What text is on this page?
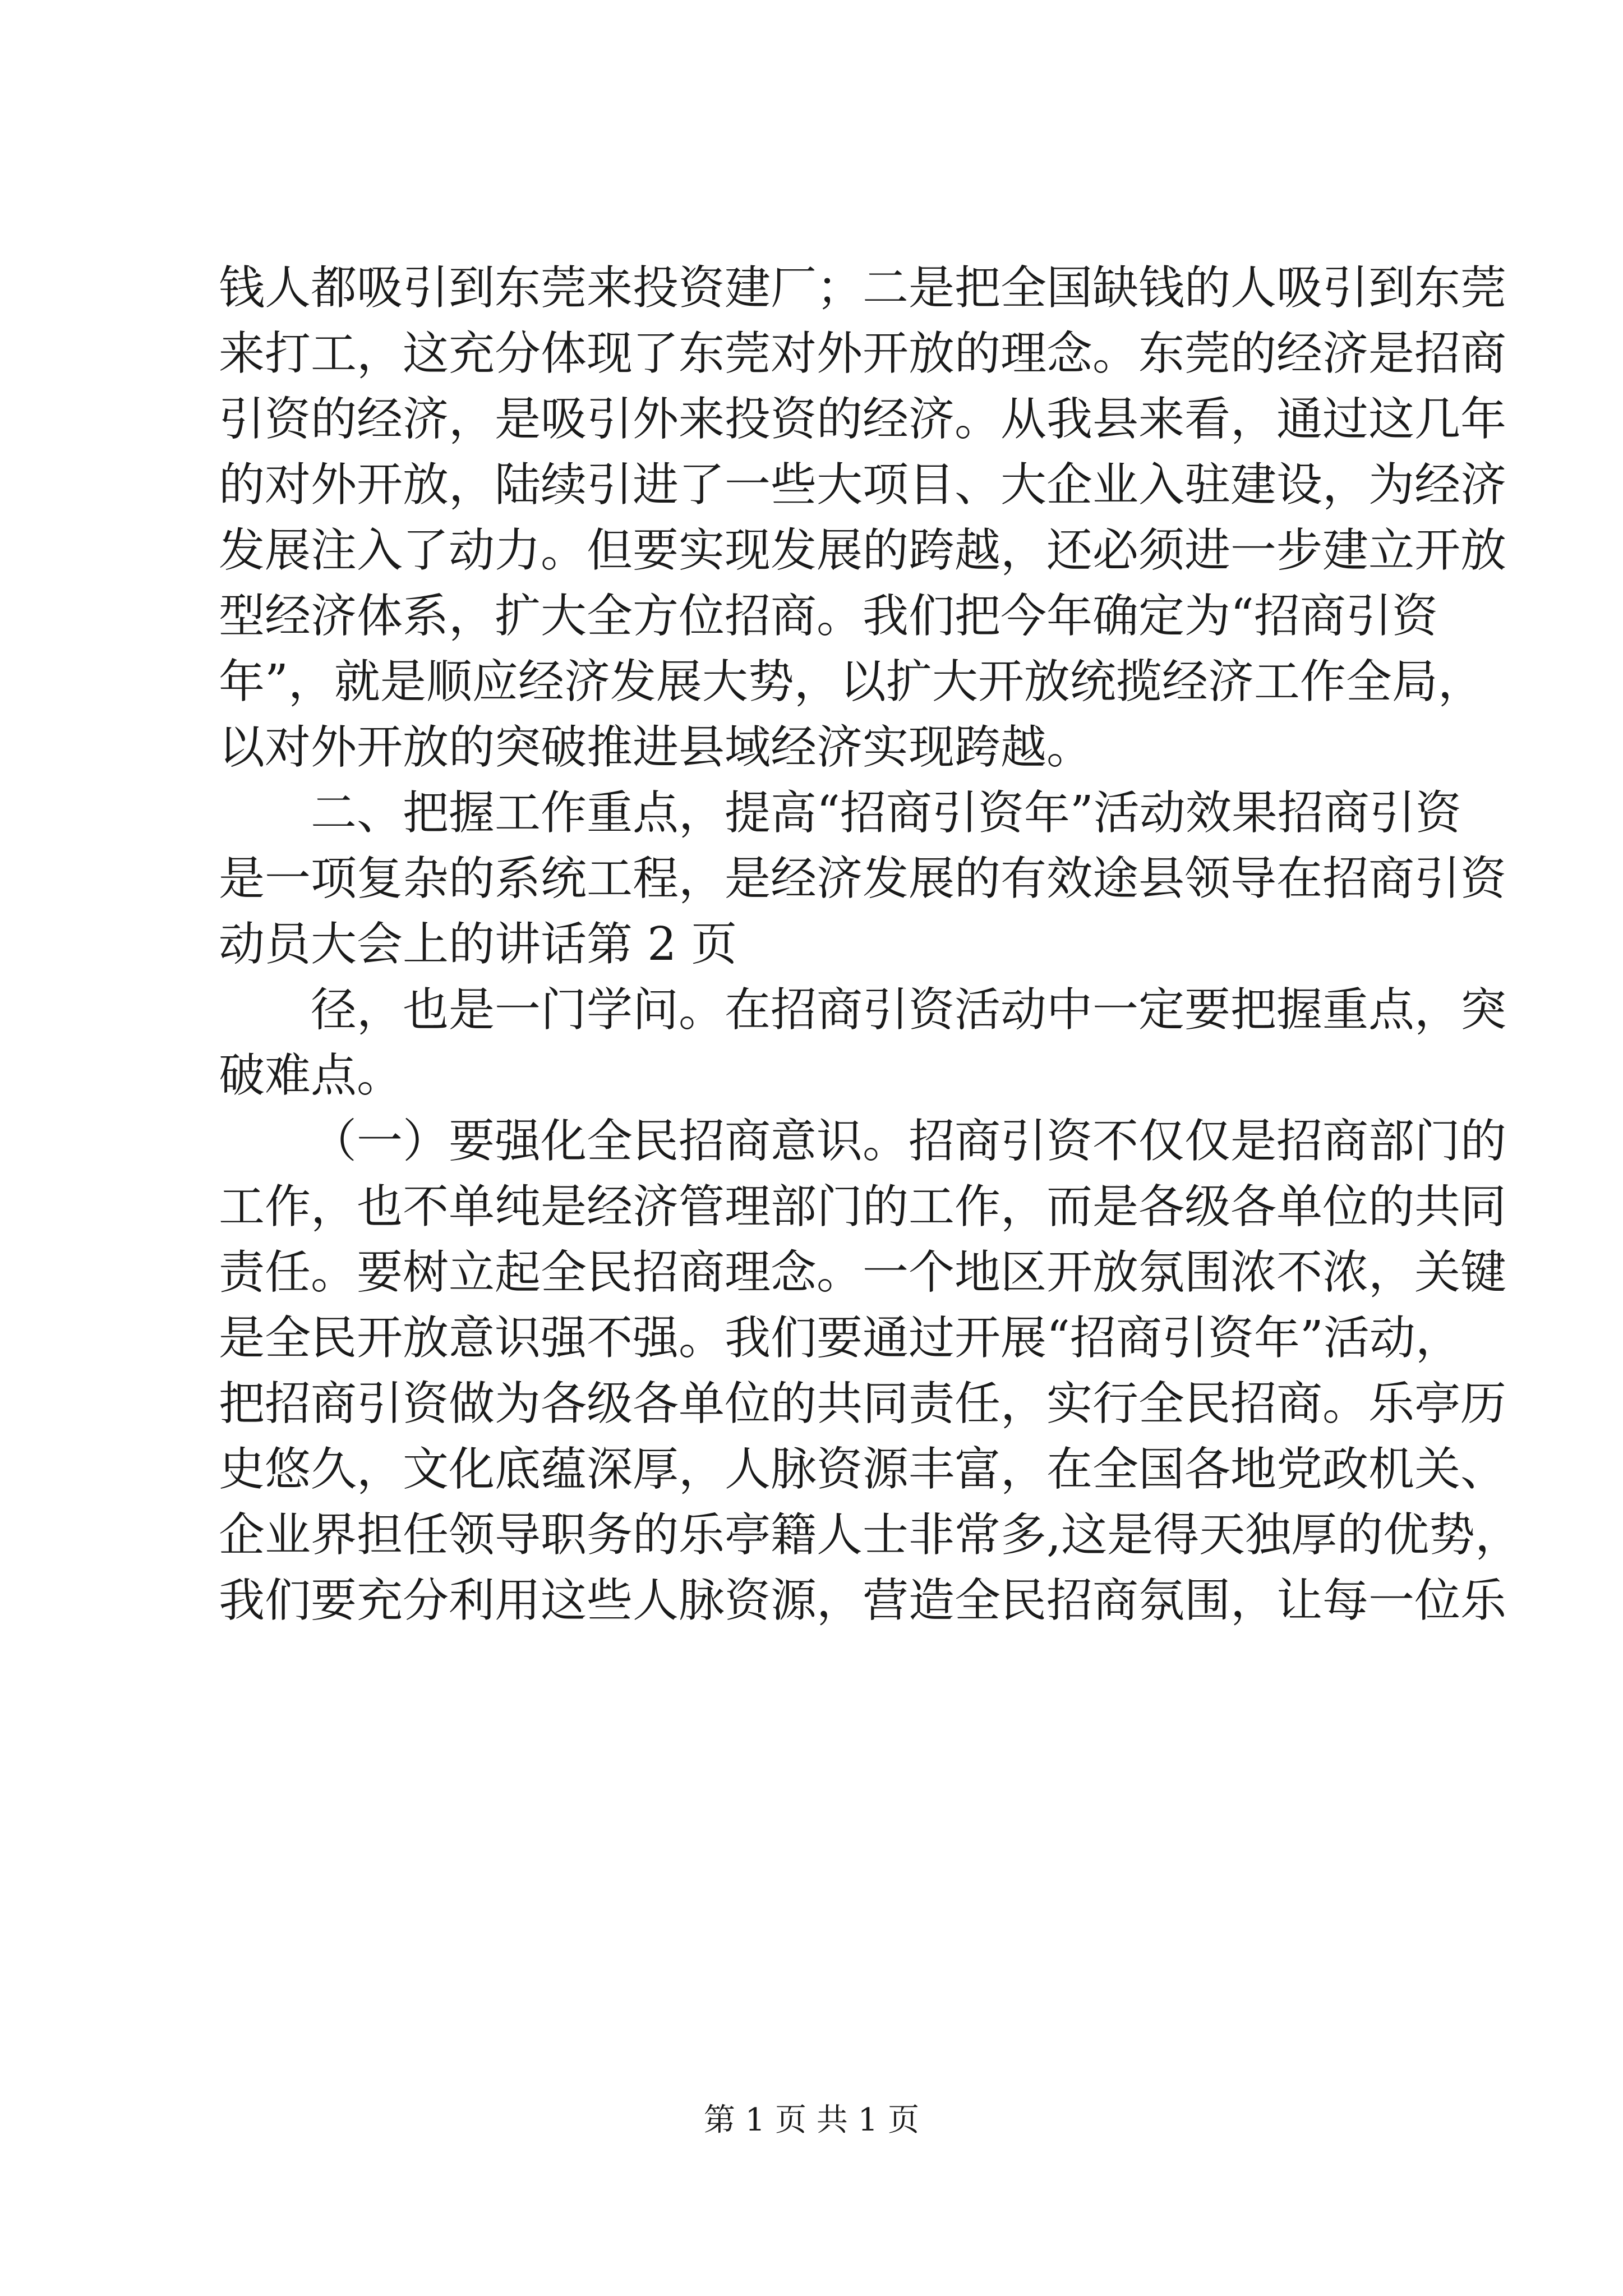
钱人都吸引到东莞来投资建厂；二是把全国缺钱的人吸引到东莞
来打工，这充分体现了东莞对外开放的理念。东莞的经济是招商
引资的经济，是吸引外来投资的经济。从我县来看，通过这几年
的对外开放，陆续引进了一些大项目、大企业入驻建设，为经济
发展注入了动力。但要实现发展的跨越，还必须进一步建立开放
型经济体系，扩大全方位招商。我们把今年确定为“招商引资
年”，就是顺应经济发展大势，以扩大开放统揽经济工作全局，
以对外开放的突破推进县域经济实现跨越。
二、把握工作重点，提高“招商引资年”活动效果招商引资
是一项复杂的系统工程，是经济发展的有效途县领导在招商引资
动员大会上的讲话第 2 页
径，也是一门学问。在招商引资活动中一定要把握重点，突
破难点。
（一）要强化全民招商意识。招商引资不仅仅是招商部门的
工作，也不单纯是经济管理部门的工作，而是各级各单位的共同
责任。要树立起全民招商理念。一个地区开放氛围浓不浓，关键
是全民开放意识强不强。我们要通过开展“招商引资年”活动，
把招商引资做为各级各单位的共同责任，实行全民招商。乐亭历
史悠久，文化底蕴深厚，人脉资源丰富，在全国各地党政机关、
企业界担任领导职务的乐亭籍人士非常多,这是得天独厚的优势，
我们要充分利用这些人脉资源，营造全民招商氛围，让每一位乐
第 1 页 共 1 页
